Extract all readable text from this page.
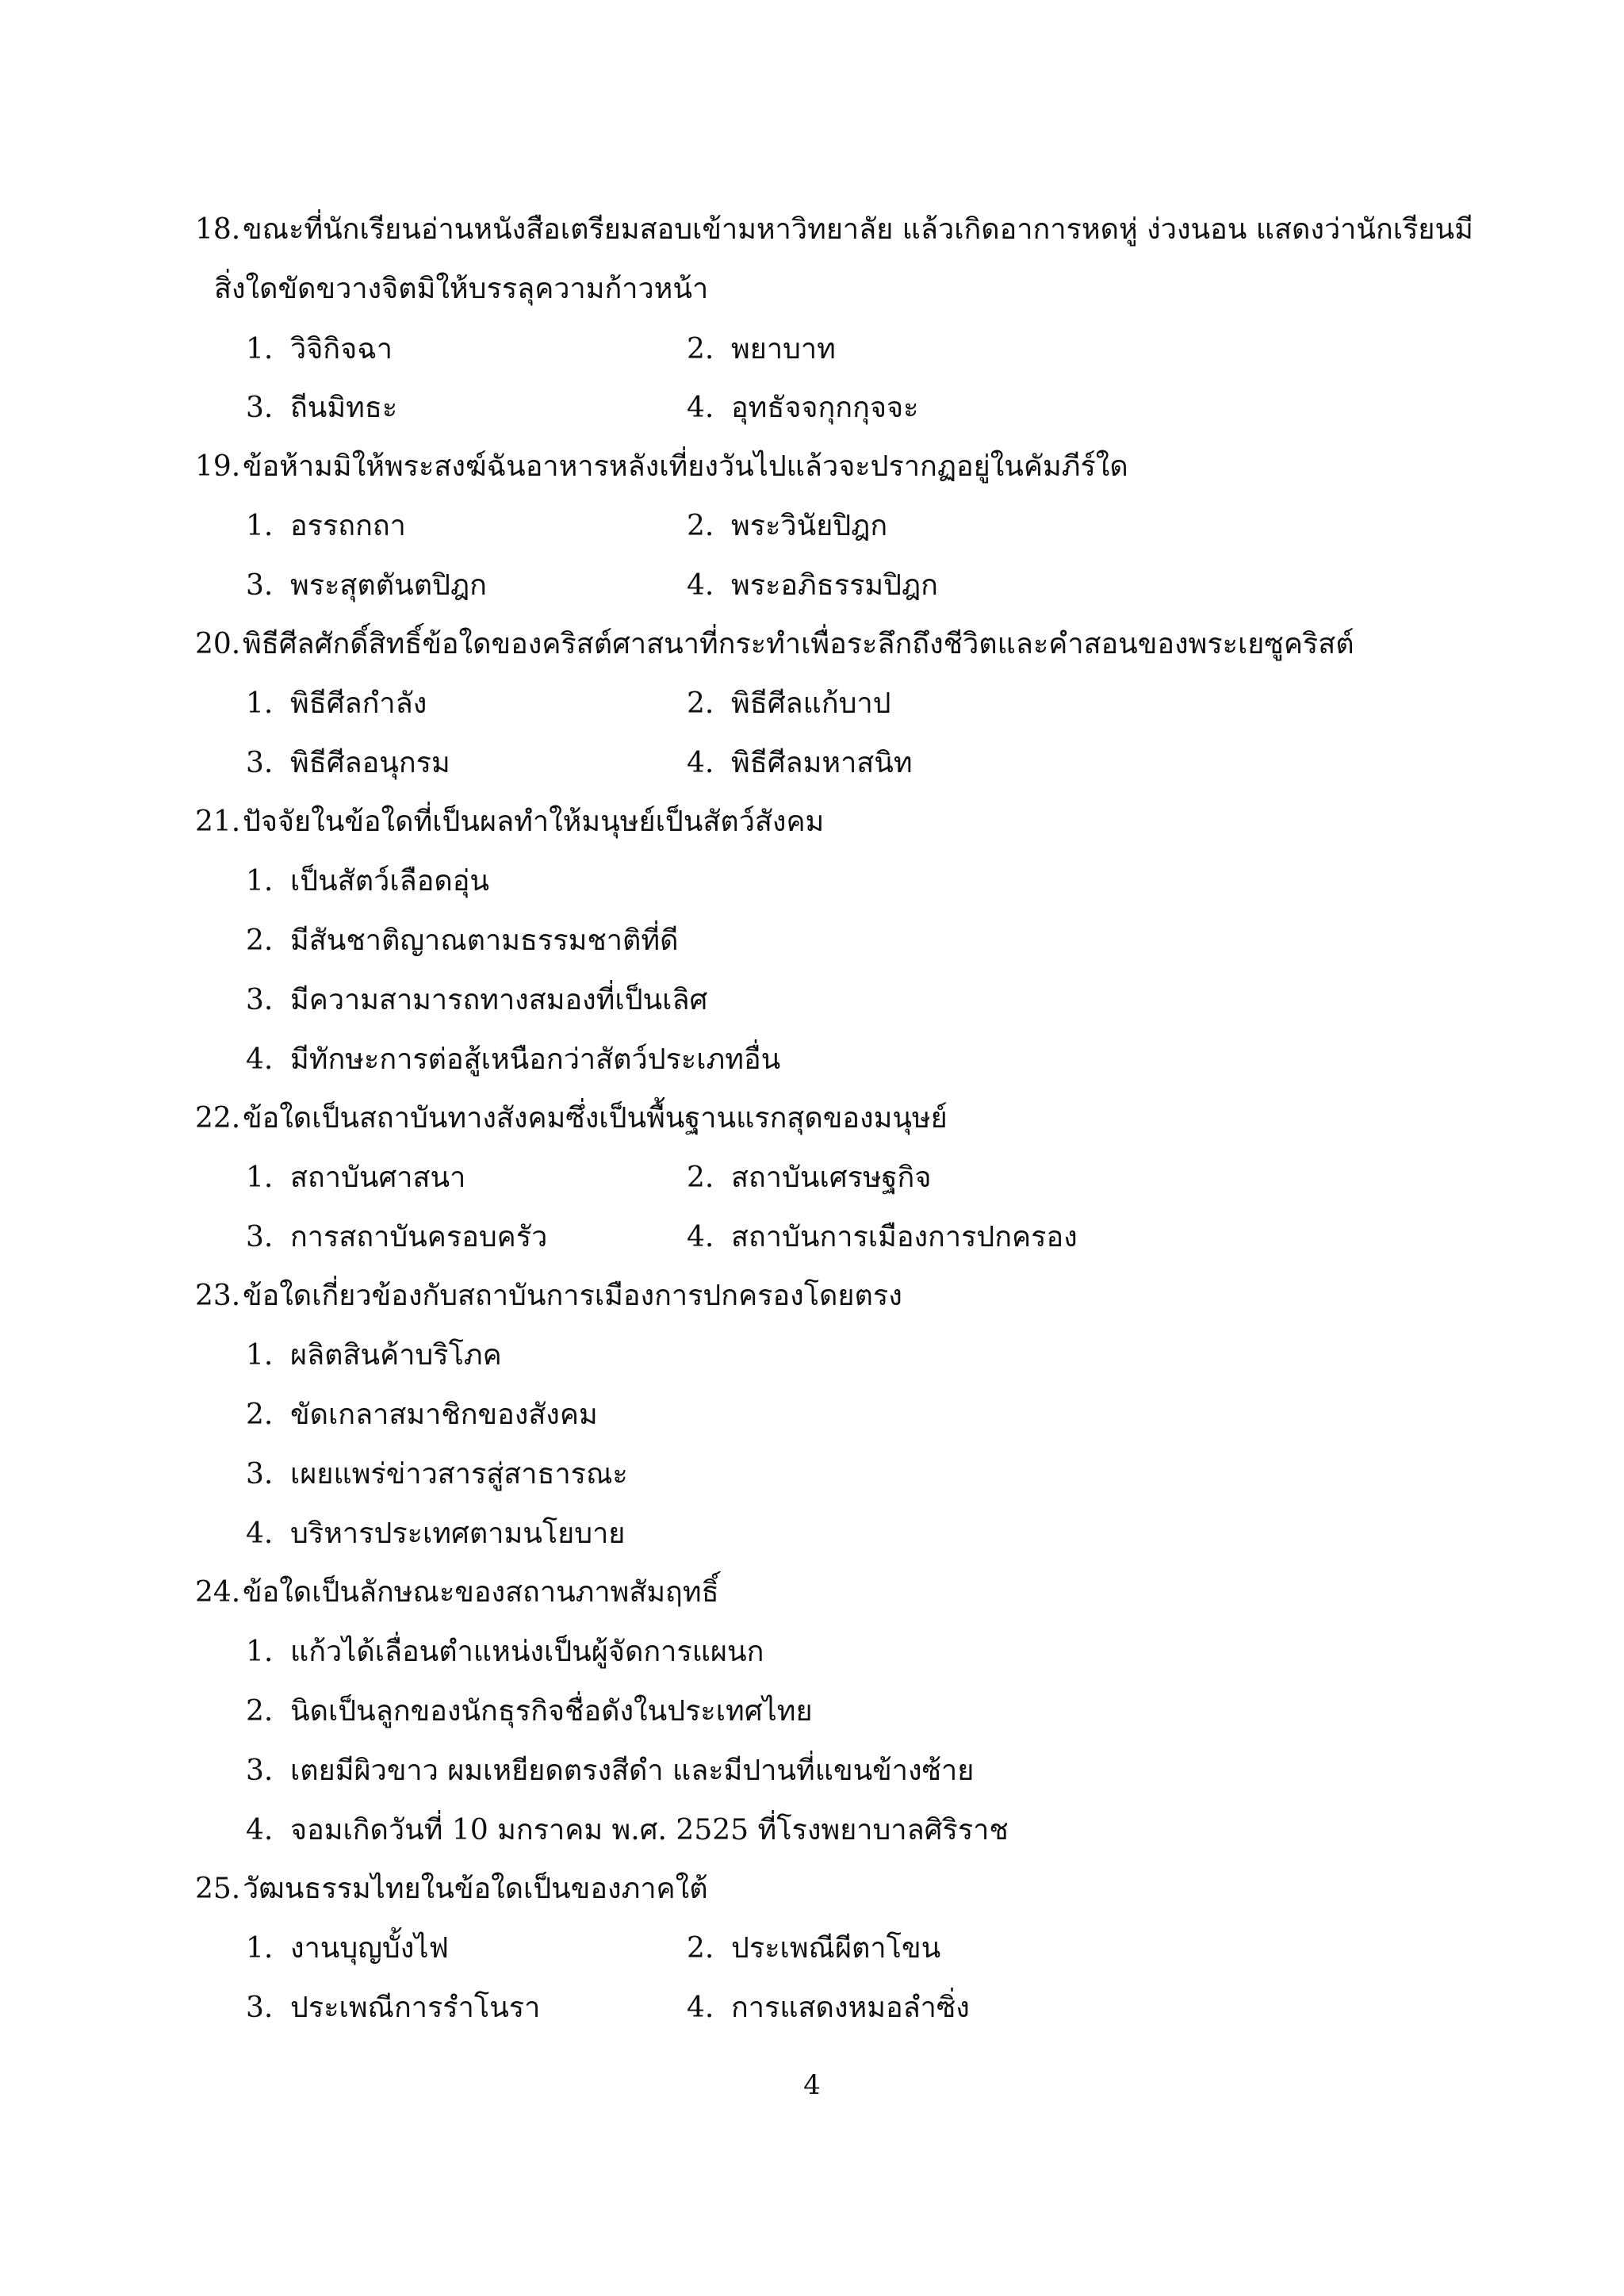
18. ขณะที่นักเรียนอ่านหนังสือเตรียมสอบเข้ามหาวิทยาลัย แล้วเกิดอาการหดหู่ ง่วงนอน แสดงว่านักเรียนมี
สิ่งใดขัดขวางจิตมิให้บรรลุความก้าวหน้า
1. วิจิกิจฉา	2. พยาบาท
3. ถีนมิทธะ	4. อุทธัจจกุกกุจจะ
19. ข้อห้ามมิให้พระสงฆ์ฉันอาหารหลังเที่ยงวันไปแล้วจะปรากฏอยู่ในคัมภีร์ใด
1. อรรถกถา	2. พระวินัยปิฎก
3. พระสุตตันตปิฎก	4. พระอภิธรรมปิฎก
20. พิธีศีลศักดิ์สิทธิ์ข้อใดของคริสต์ศาสนาที่กระทำเพื่อระลึกถึงชีวิตและคำสอนของพระเยซูคริสต์
1. พิธีศีลกำลัง	2. พิธีศีลแก้บาป
3. พิธีศีลอนุกรม	4. พิธีศีลมหาสนิท
21. ปัจจัยในข้อใดที่เป็นผลทำให้มนุษย์เป็นสัตว์สังคม
1. เป็นสัตว์เลือดอุ่น
2. มีสันชาติญาณตามธรรมชาติที่ดี
3. มีความสามารถทางสมองที่เป็นเลิศ
4. มีทักษะการต่อสู้เหนือกว่าสัตว์ประเภทอื่น
22. ข้อใดเป็นสถาบันทางสังคมซึ่งเป็นพื้นฐานแรกสุดของมนุษย์
1. สถาบันศาสนา	2. สถาบันเศรษฐกิจ
3. การสถาบันครอบครัว	4. สถาบันการเมืองการปกครอง
23. ข้อใดเกี่ยวข้องกับสถาบันการเมืองการปกครองโดยตรง
1. ผลิตสินค้าบริโภค
2. ขัดเกลาสมาชิกของสังคม
3. เผยแพร่ข่าวสารสู่สาธารณะ
4. บริหารประเทศตามนโยบาย
24. ข้อใดเป็นลักษณะของสถานภาพสัมฤทธิ์
1. แก้วได้เลื่อนตำแหน่งเป็นผู้จัดการแผนก
2. นิดเป็นลูกของนักธุรกิจชื่อดังในประเทศไทย
3. เตยมีผิวขาว ผมเหยียดตรงสีดำ และมีปานที่แขนข้างซ้าย
4. จอมเกิดวันที่ 10 มกราคม พ.ศ. 2525 ที่โรงพยาบาลศิริราช
25. วัฒนธรรมไทยในข้อใดเป็นของภาคใต้
1. งานบุญบั้งไฟ	2. ประเพณีผีตาโขน
3. ประเพณีการรำโนรา	4. การแสดงหมอลำซิ่ง
4
